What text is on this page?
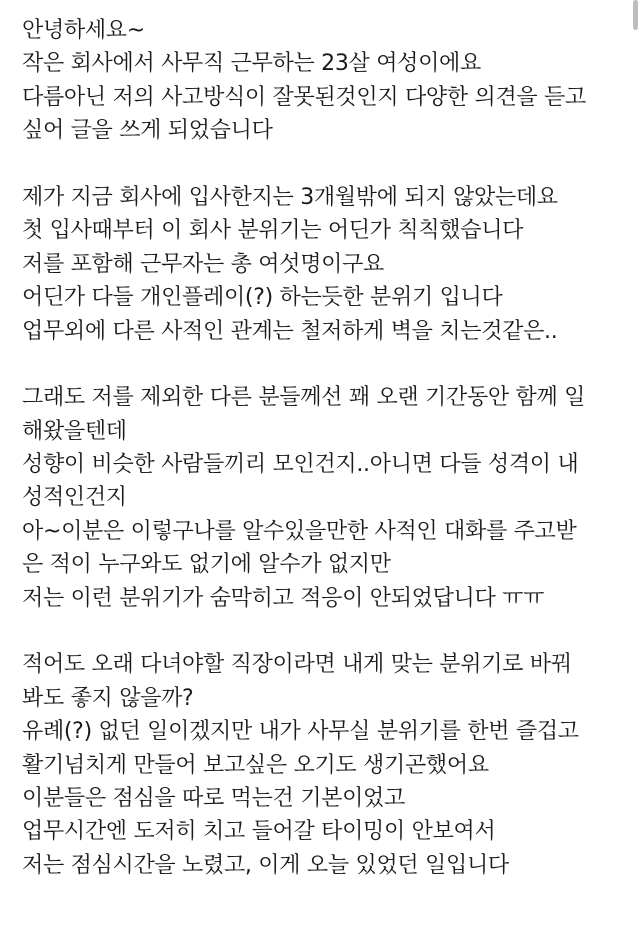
안녕하세요~
작은 회사에서 사무직 근무하는 23살 여성이에요
다름아닌 저의 사고방식이 잘못된것인지 다양한 의견을 듣고
싶어 글을 쓰게 되었습니다
제가 지금 회사에 입사한지는 3개월밖에 되지 않았는데요
첫 입사때부터 이 회사 분위기는 어딘가 칙칙했습니다
저를 포함해 근무자는 총 여섯명이구요
어딘가 다들 개인플레이(?) 하는듯한 분위기 입니다
업무외에 다른 사적인 관계는 철저하게 벽을 치는것같은..
그래도 저를 제외한 다른 분들께선 꽤 오랜 기간동안 함께 일
해왔을텐데
성향이 비슷한 사람들끼리 모인건지..아니면 다들 성격이 내
성적인건지
아~이분은 이렇구나를 알수있을만한 사적인 대화를 주고받
은 적이 누구와도 없기에 알수가 없지만
저는 이런 분위기가 숨막히고 적응이 안되었답니다 ㅠㅠ
적어도 오래 다녀야할 직장이라면 내게 맞는 분위기로 바꿔
봐도 좋지 않을까?
유례(?) 없던 일이겠지만 내가 사무실 분위기를 한번 즐겁고
활기넘치게 만들어 보고싶은 오기도 생기곤했어요
이분들은 점심을 따로 먹는건 기본이었고
업무시간엔 도저히 치고 들어갈 타이밍이 안보여서
저는 점심시간을 노렸고, 이게 오늘 있었던 일입니다
